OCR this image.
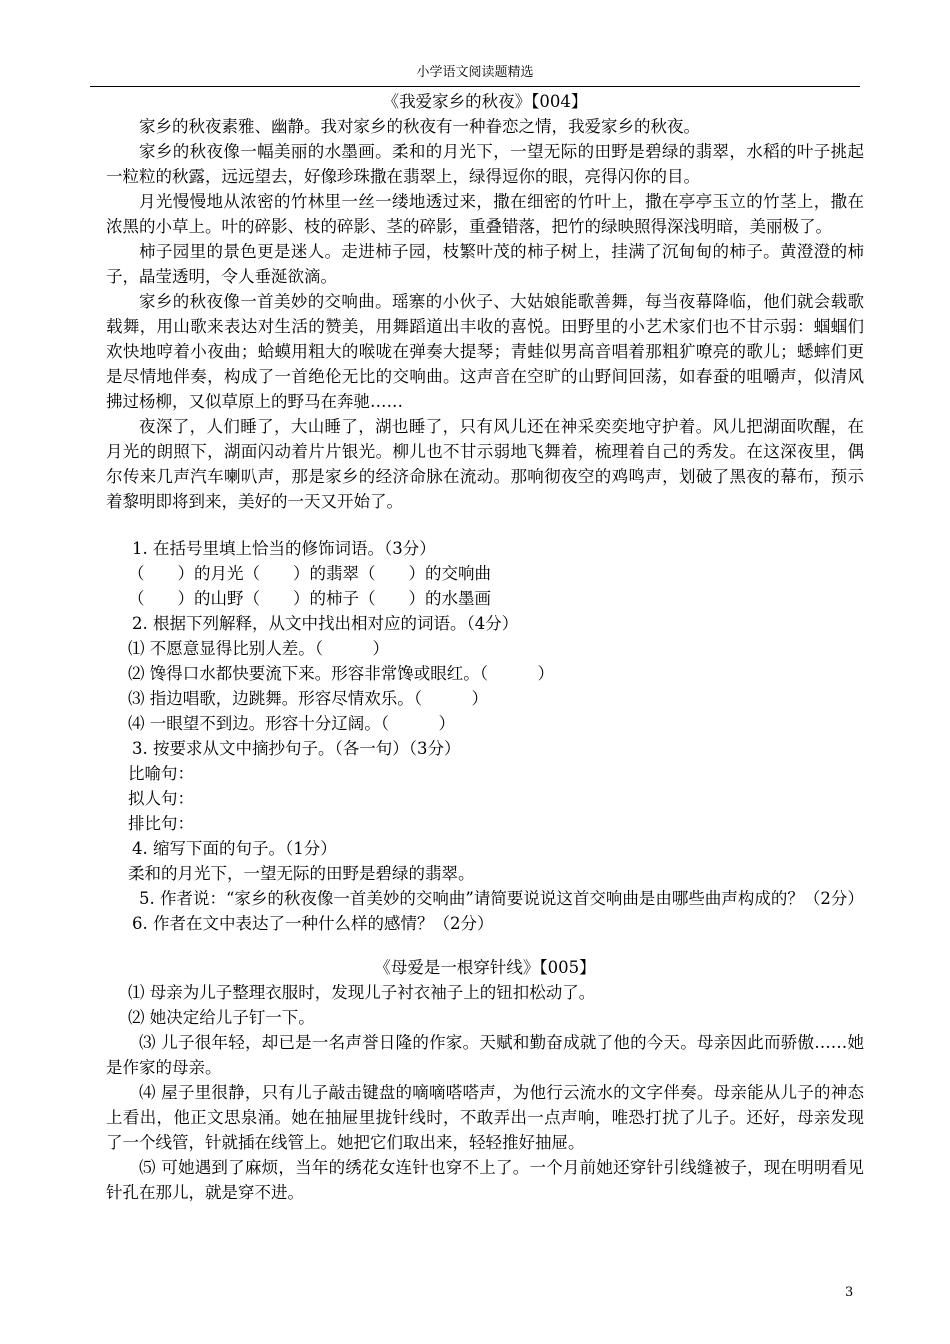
小学语文阅读题精选

《我爱家乡的秋夜》【004】

家乡的秋夜素雅、幽静。我对家乡的秋夜有一种眷恋之情，我爱家乡的秋夜。

家乡的秋夜像一幅美丽的水墨画。柔和的月光下，一望无际的田野是碧绿的翡翠，水稻的叶子挑起一粒粒的秋露，远远望去，好像珍珠撒在翡翠上，绿得逗你的眼，亮得闪你的目。

月光慢慢地从浓密的竹林里一丝一缕地透过来，撒在细密的竹叶上，撒在亭亭玉立的竹茎上，撒在浓黑的小草上。叶的碎影、枝的碎影、茎的碎影，重叠错落，把竹的绿映照得深浅明暗，美丽极了。

柿子园里的景色更是迷人。走进柿子园，枝繁叶茂的柿子树上，挂满了沉甸甸的柿子。黄澄澄的柿子，晶莹透明，令人垂涎欲滴。

家乡的秋夜像一首美妙的交响曲。瑶寨的小伙子、大姑娘能歌善舞，每当夜幕降临，他们就会载歌载舞，用山歌来表达对生活的赞美，用舞蹈道出丰收的喜悦。田野里的小艺术家们也不甘示弱：蝈蝈们欢快地哼着小夜曲；蛤蟆用粗大的喉咙在弹奏大提琴；青蛙似男高音唱着那粗犷嘹亮的歌儿；蟋蟀们更是尽情地伴奏，构成了一首绝伦无比的交响曲。这声音在空旷的山野间回荡，如春蚕的咀嚼声，似清风拂过杨柳，又似草原上的野马在奔驰……

夜深了，人们睡了，大山睡了，湖也睡了，只有风儿还在神采奕奕地守护着。风儿把湖面吹醒，在月光的朗照下，湖面闪动着片片银光。柳儿也不甘示弱地飞舞着，梳理着自己的秀发。在这深夜里，偶尔传来几声汽车喇叭声，那是家乡的经济命脉在流动。那响彻夜空的鸡鸣声，划破了黑夜的幕布，预示着黎明即将到来，美好的一天又开始了。

1. 在括号里填上恰当的修饰词语。（3分）

（　　）的月光（　　）的翡翠（　　）的交响曲

（　　）的山野（　　）的柿子（　　）的水墨画

2. 根据下列解释，从文中找出相对应的词语。（4分）

⑴ 不愿意显得比别人差。（　　　）

⑵ 馋得口水都快要流下来。形容非常馋或眼红。（　　　）

⑶ 指边唱歌，边跳舞。形容尽情欢乐。（　　　）

⑷ 一眼望不到边。形容十分辽阔。（　　　）

3. 按要求从文中摘抄句子。（各一句）（3分）

比喻句：

拟人句：

排比句：

4. 缩写下面的句子。（1分）

柔和的月光下，一望无际的田野是碧绿的翡翠。

5. 作者说：“家乡的秋夜像一首美妙的交响曲”请简要说说这首交响曲是由哪些曲声构成的？（2分）

6. 作者在文中表达了一种什么样的感情？（2分）

《母爱是一根穿针线》【005】

⑴ 母亲为儿子整理衣服时，发现儿子衬衣袖子上的钮扣松动了。

⑵ 她决定给儿子钉一下。

⑶ 儿子很年轻，却已是一名声誉日隆的作家。天赋和勤奋成就了他的今天。母亲因此而骄傲……她是作家的母亲。

⑷ 屋子里很静，只有儿子敲击键盘的嘀嘀嗒嗒声，为他行云流水的文字伴奏。母亲能从儿子的神态上看出，他正文思泉涌。她在抽屉里拢针线时，不敢弄出一点声响，唯恐打扰了儿子。还好，母亲发现了一个线管，针就插在线管上。她把它们取出来，轻轻推好抽屉。

⑸ 可她遇到了麻烦，当年的绣花女连针也穿不上了。一个月前她还穿针引线缝被子，现在明明看见针孔在那儿，就是穿不进。

3
